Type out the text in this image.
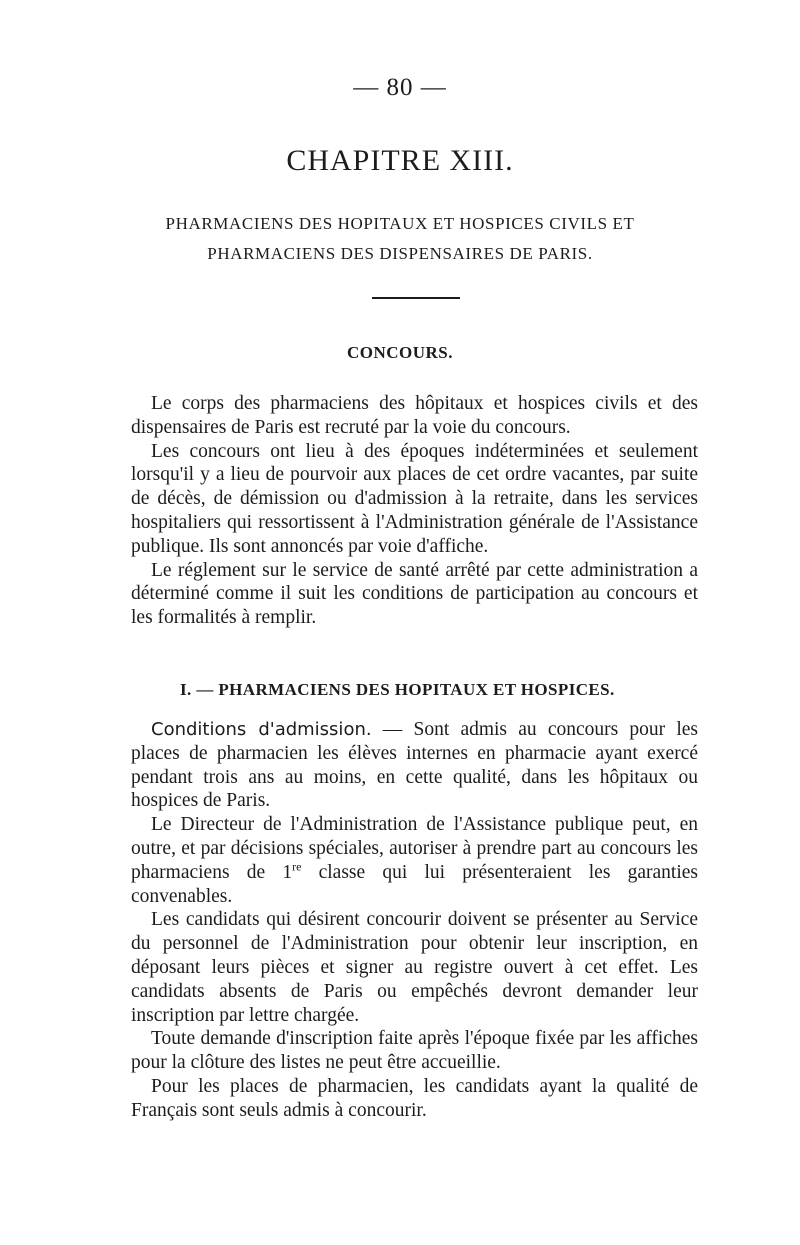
— 80 —
CHAPITRE XIII.
PHARMACIENS DES HOPITAUX ET HOSPICES CIVILS ET
PHARMACIENS DES DISPENSAIRES DE PARIS.
CONCOURS.

Le corps des pharmaciens des hôpitaux et hospices civils et des dispensaires de Paris est recruté par la voie du concours.

Les concours ont lieu à des époques indéterminées et seulement lorsqu'il y a lieu de pourvoir aux places de cet ordre vacantes, par suite de décès, de démission ou d'admission à la retraite, dans les services hospitaliers qui ressortissent à l'Administration générale de l'Assistance publique. Ils sont annoncés par voie d'affiche.

Le réglement sur le service de santé arrêté par cette administration a déterminé comme il suit les conditions de participation au concours et les formalités à remplir.

I. — PHARMACIENS DES HOPITAUX ET HOSPICES.

Conditions d'admission. — Sont admis au concours pour les places de pharmacien les élèves internes en pharmacie ayant exercé pendant trois ans au moins, en cette qualité, dans les hôpitaux ou hospices de Paris.

Le Directeur de l'Administration de l'Assistance publique peut, en outre, et par décisions spéciales, autoriser à prendre part au concours les pharmaciens de 1re classe qui lui présenteraient les garanties convenables.

Les candidats qui désirent concourir doivent se présenter au Service du personnel de l'Administration pour obtenir leur inscription, en déposant leurs pièces et signer au registre ouvert à cet effet. Les candidats absents de Paris ou empêchés devront demander leur inscription par lettre chargée.

Toute demande d'inscription faite après l'époque fixée par les affiches pour la clôture des listes ne peut être accueillie.

Pour les places de pharmacien, les candidats ayant la qualité de Français sont seuls admis à concourir.
